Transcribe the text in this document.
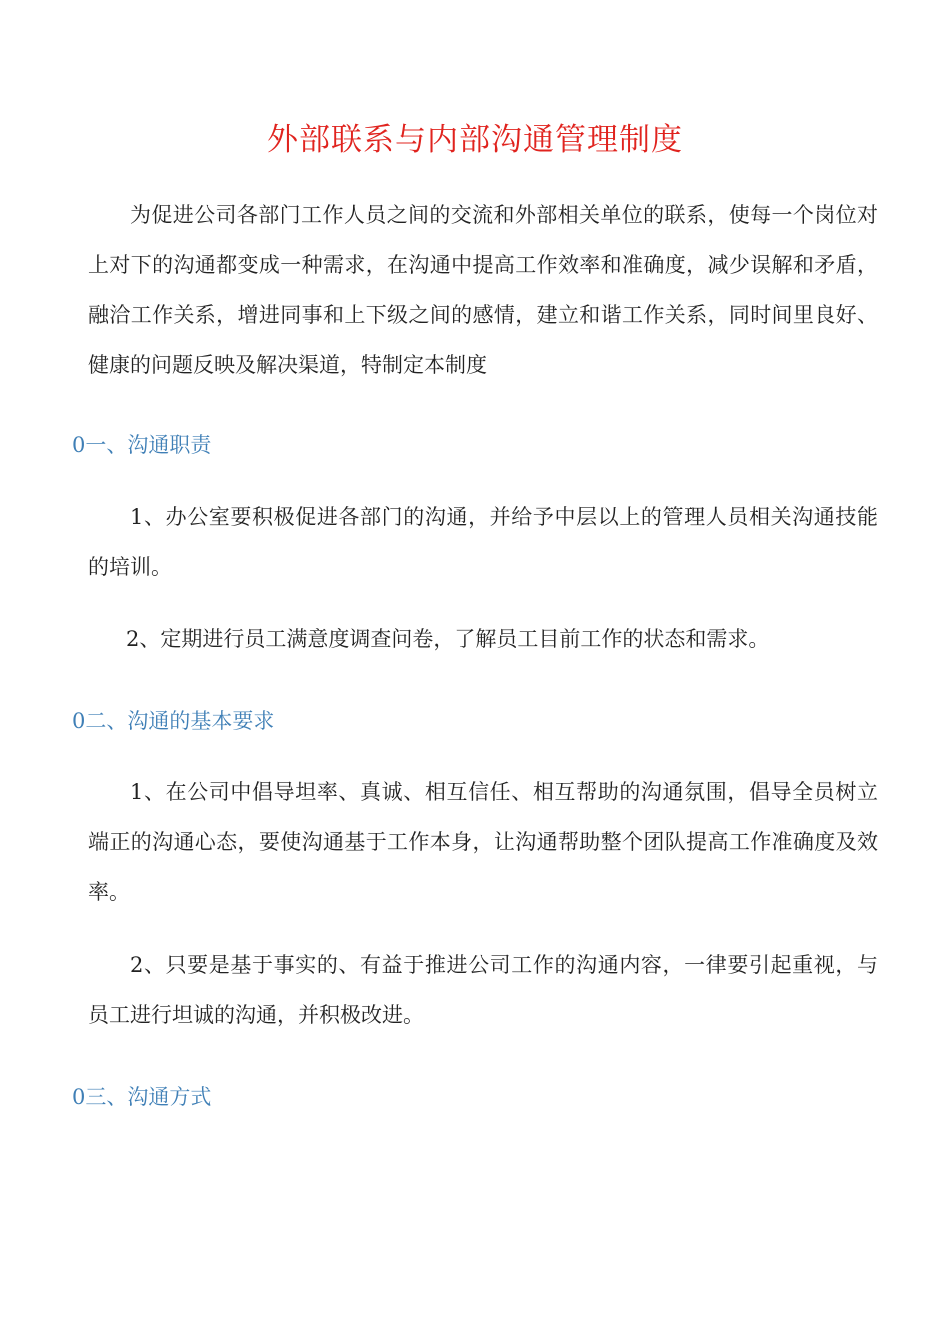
外部联系与内部沟通管理制度
为促进公司各部门工作人员之间的交流和外部相关单位的联系，使每一个岗位对上对下的沟通都变成一种需求，在沟通中提高工作效率和准确度，减少误解和矛盾，融洽工作关系，增进同事和上下级之间的感情，建立和谐工作关系，同时间里良好、健康的问题反映及解决渠道，特制定本制度
0一、沟通职责
1、办公室要积极促进各部门的沟通，并给予中层以上的管理人员相关沟通技能的培训。
2、定期进行员工满意度调查问卷，了解员工目前工作的状态和需求。
0二、沟通的基本要求
1、在公司中倡导坦率、真诚、相互信任、相互帮助的沟通氛围，倡导全员树立端正的沟通心态，要使沟通基于工作本身，让沟通帮助整个团队提高工作准确度及效率。
2、只要是基于事实的、有益于推进公司工作的沟通内容，一律要引起重视，与员工进行坦诚的沟通，并积极改进。
0三、沟通方式
